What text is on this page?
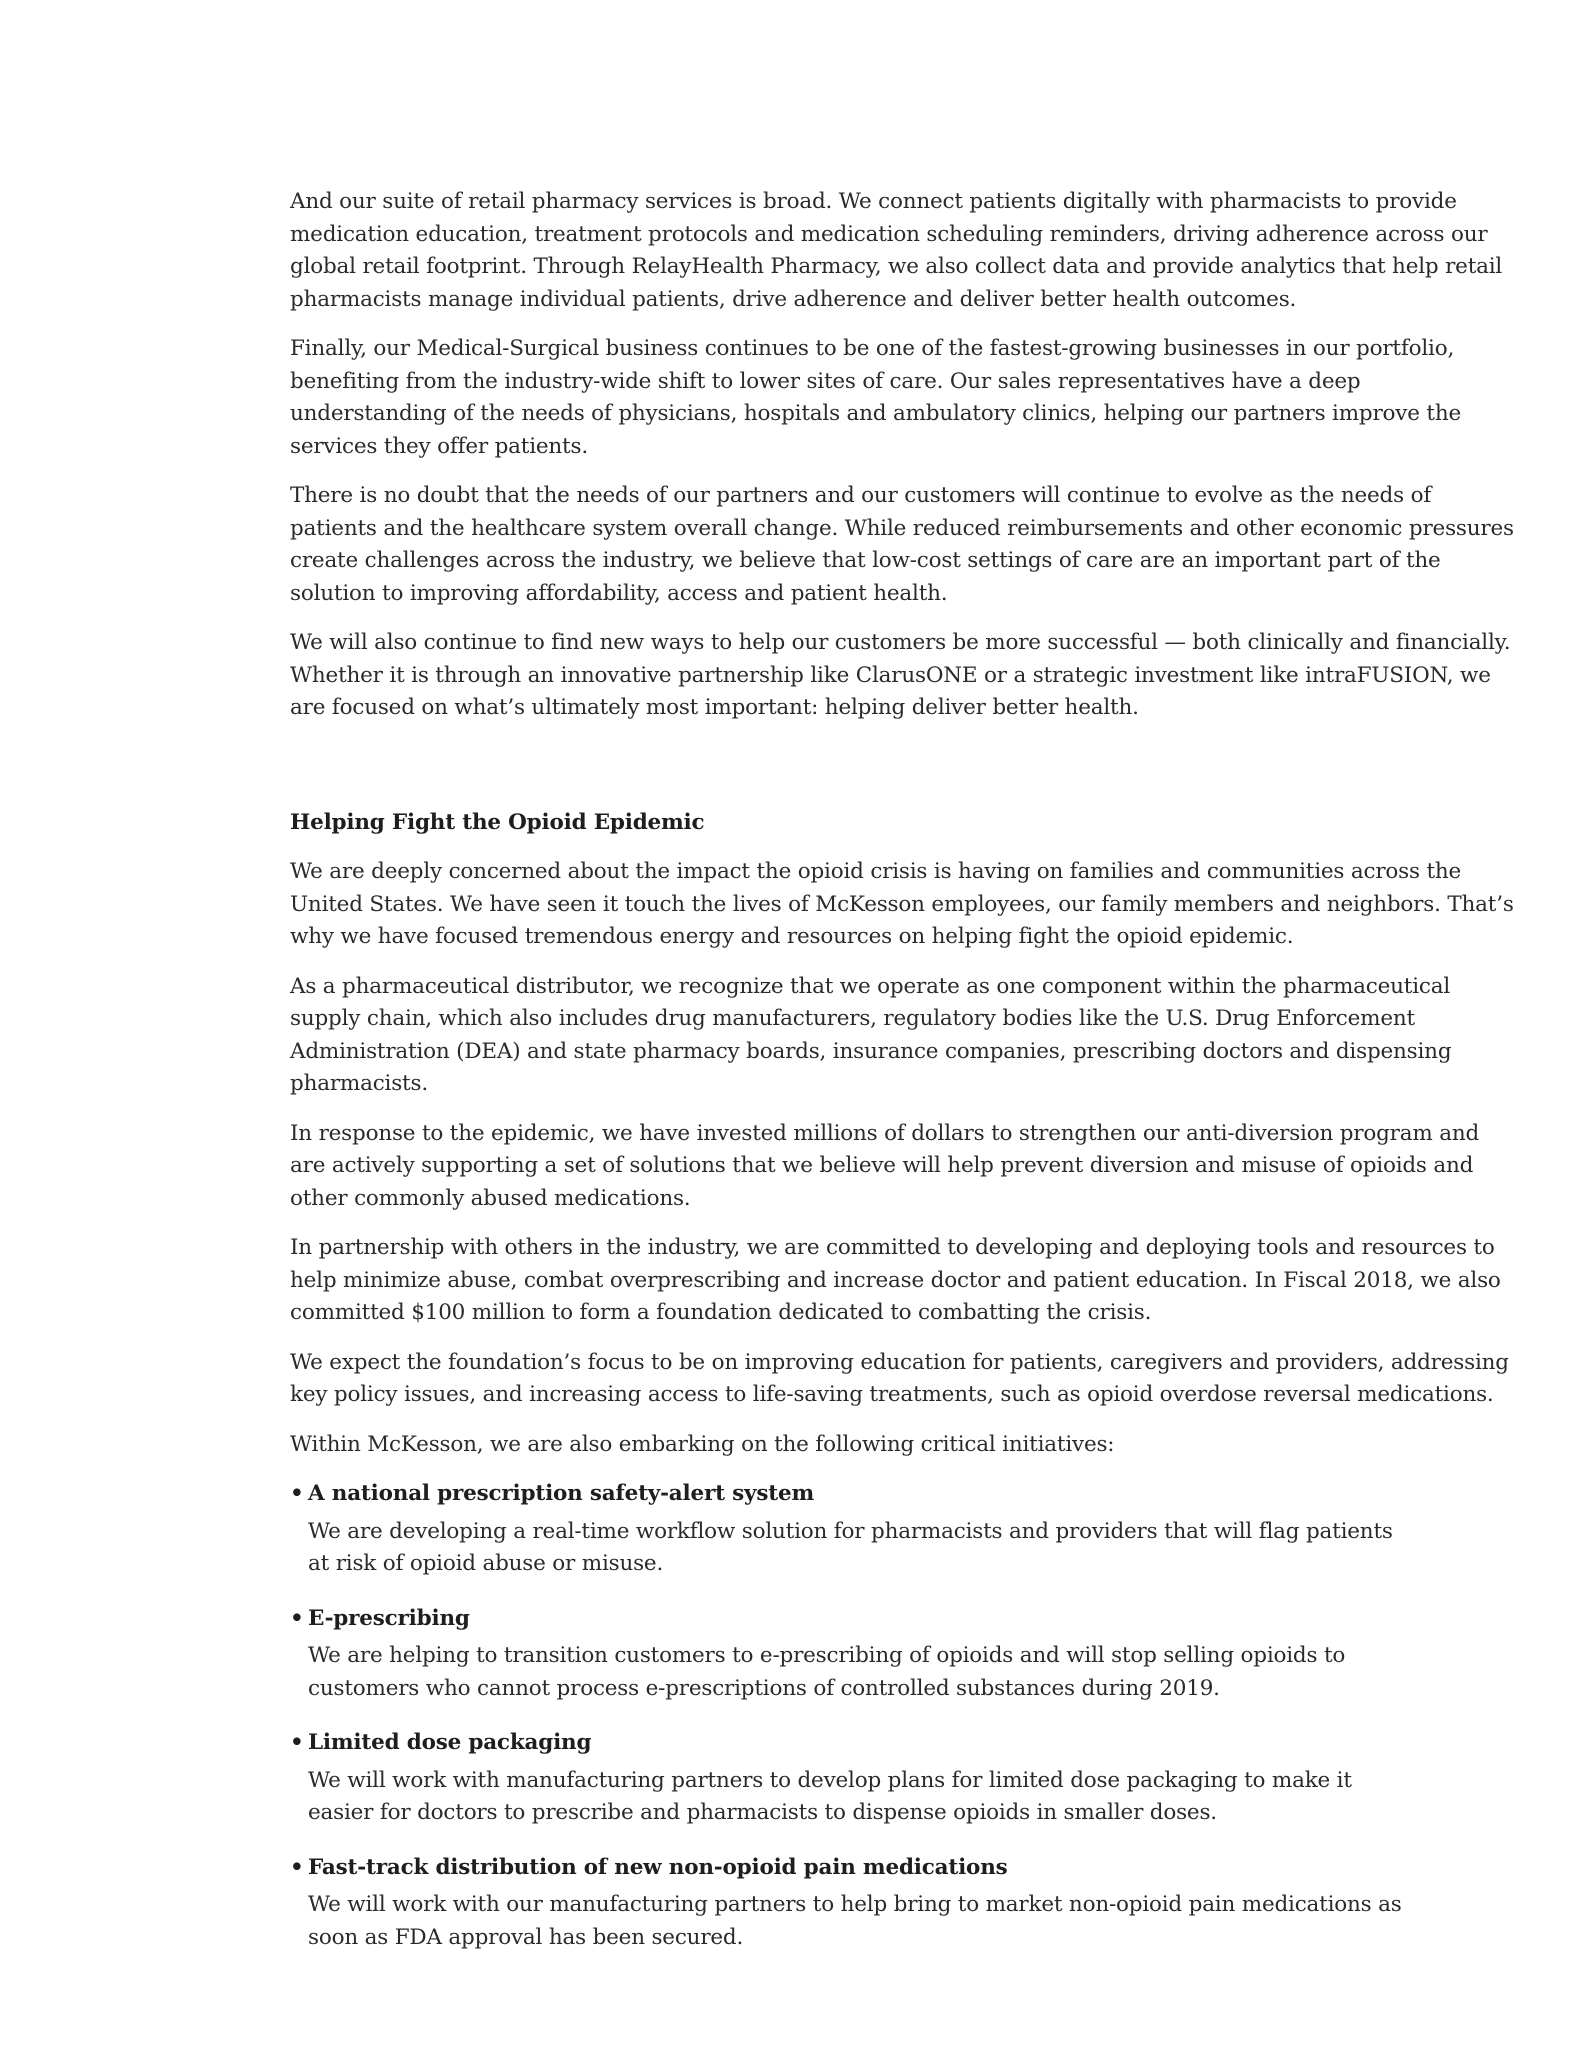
And our suite of retail pharmacy services is broad. We connect patients digitally with pharmacists to provide medication education, treatment protocols and medication scheduling reminders, driving adherence across our global retail footprint. Through RelayHealth Pharmacy, we also collect data and provide analytics that help retail pharmacists manage individual patients, drive adherence and deliver better health outcomes.

Finally, our Medical-Surgical business continues to be one of the fastest-growing businesses in our portfolio, benefiting from the industry-wide shift to lower sites of care. Our sales representatives have a deep understanding of the needs of physicians, hospitals and ambulatory clinics, helping our partners improve the services they offer patients.

There is no doubt that the needs of our partners and our customers will continue to evolve as the needs of patients and the healthcare system overall change. While reduced reimbursements and other economic pressures create challenges across the industry, we believe that low-cost settings of care are an important part of the solution to improving affordability, access and patient health.

We will also continue to find new ways to help our customers be more successful — both clinically and financially. Whether it is through an innovative partnership like ClarusONE or a strategic investment like intraFUSION, we are focused on what’s ultimately most important: helping deliver better health.

Helping Fight the Opioid Epidemic

We are deeply concerned about the impact the opioid crisis is having on families and communities across the United States. We have seen it touch the lives of McKesson employees, our family members and neighbors. That’s why we have focused tremendous energy and resources on helping fight the opioid epidemic.

As a pharmaceutical distributor, we recognize that we operate as one component within the pharmaceutical supply chain, which also includes drug manufacturers, regulatory bodies like the U.S. Drug Enforcement Administration (DEA) and state pharmacy boards, insurance companies, prescribing doctors and dispensing pharmacists.

In response to the epidemic, we have invested millions of dollars to strengthen our anti-diversion program and are actively supporting a set of solutions that we believe will help prevent diversion and misuse of opioids and other commonly abused medications.

In partnership with others in the industry, we are committed to developing and deploying tools and resources to help minimize abuse, combat overprescribing and increase doctor and patient education. In Fiscal 2018, we also committed $100 million to form a foundation dedicated to combatting the crisis.

We expect the foundation’s focus to be on improving education for patients, caregivers and providers, addressing key policy issues, and increasing access to life-saving treatments, such as opioid overdose reversal medications.

Within McKesson, we are also embarking on the following critical initiatives:

• A national prescription safety-alert system
We are developing a real-time workflow solution for pharmacists and providers that will flag patients at risk of opioid abuse or misuse.
• E-prescribing
We are helping to transition customers to e-prescribing of opioids and will stop selling opioids to customers who cannot process e-prescriptions of controlled substances during 2019.
• Limited dose packaging
We will work with manufacturing partners to develop plans for limited dose packaging to make it easier for doctors to prescribe and pharmacists to dispense opioids in smaller doses.
• Fast-track distribution of new non-opioid pain medications
We will work with our manufacturing partners to help bring to market non-opioid pain medications as soon as FDA approval has been secured.
